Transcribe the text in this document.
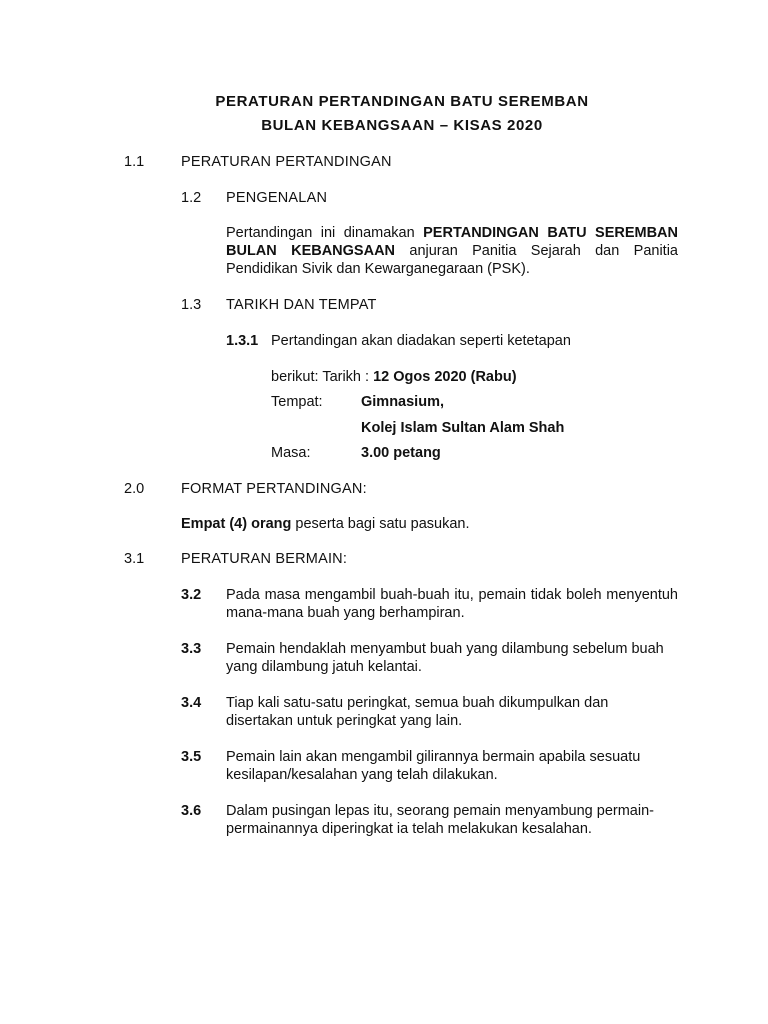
PERATURAN PERTANDINGAN BATU SEREMBAN
BULAN KEBANGSAAN – KISAS 2020
1.1	PERATURAN PERTANDINGAN
1.2 PENGENALAN
Pertandingan ini dinamakan PERTANDINGAN BATU SEREMBAN BULAN KEBANGSAAN anjuran Panitia Sejarah dan Panitia Pendidikan Sivik dan Kewarganegaraan (PSK).
1.3 TARIKH DAN TEMPAT
1.3.1 Pertandingan akan diadakan seperti ketetapan
berikut: Tarikh : 12 Ogos 2020 (Rabu)
Tempat:	Gimnasium,
Kolej Islam Sultan Alam Shah
Masa:	3.00 petang
2.0	FORMAT PERTANDINGAN:
Empat (4) orang peserta bagi satu pasukan.
3.1	PERATURAN BERMAIN:
3.2 Pada masa mengambil buah-buah itu, pemain tidak boleh menyentuh mana-mana buah yang berhampiran.
3.3 Pemain hendaklah menyambut buah yang dilambung sebelum buah yang dilambung jatuh kelantai.
3.4 Tiap kali satu-satu peringkat, semua buah dikumpulkan dan disertakan untuk peringkat yang lain.
3.5 Pemain lain akan mengambil gilirannya bermain apabila sesuatu kesilapan/kesalahan yang telah dilakukan.
3.6 Dalam pusingan lepas itu, seorang pemain menyambung permain-permainannya diperingkat ia telah melakukan kesalahan.
